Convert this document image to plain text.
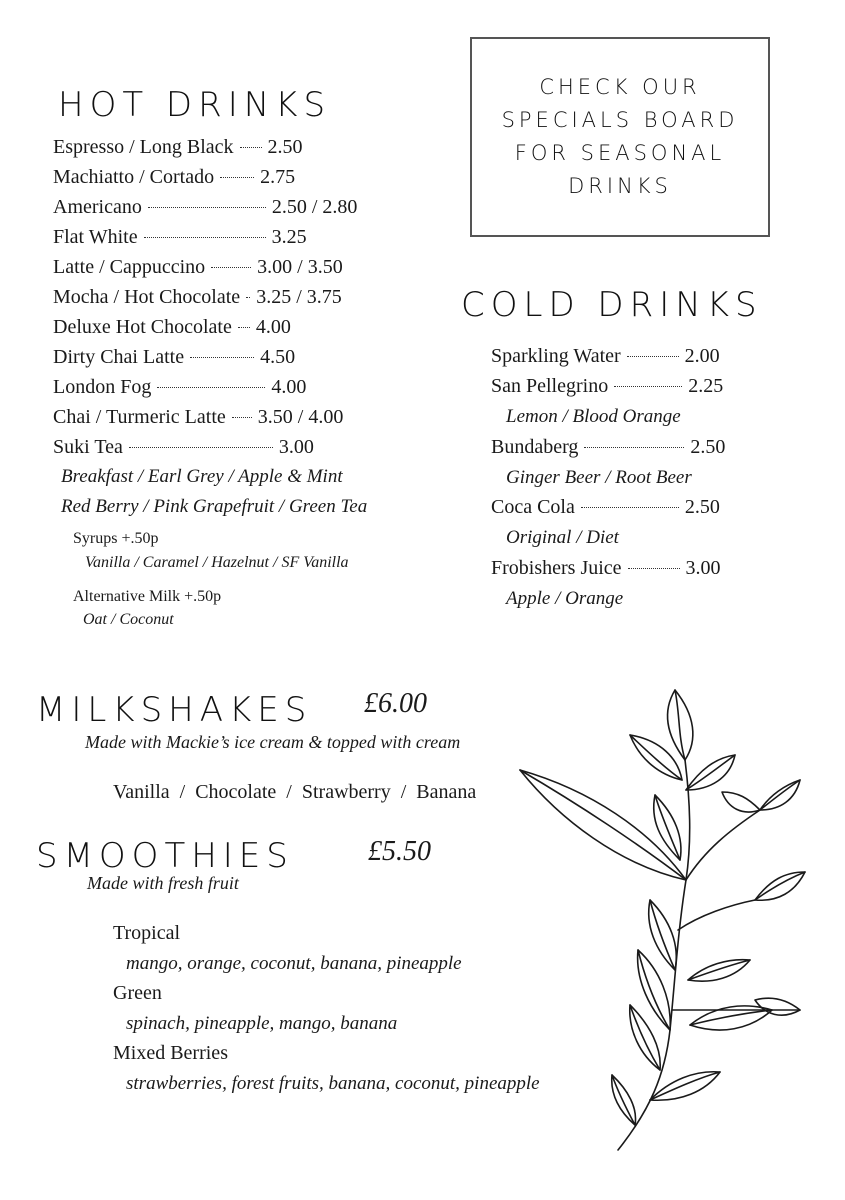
HOT DRINKS
Espresso / Long Black 2.50
Machiatto / Cortado 2.75
Americano	2.50 / 2.80
Flat White	3.25
Latte / Cappuccino	3.00 / 3.50
Mocha / Hot Chocolate 3.25 / 3.75
Deluxe Hot Chocolate 4.00
Dirty Chai Latte	4.50
London Fog	4.00
Chai / Turmeric Latte 3.50 / 4.00
Suki Tea	3.00
Breakfast / Earl Grey / Apple & Mint
Red Berry / Pink Grapefruit / Green Tea
Syrups +.50p
Vanilla / Caramel / Hazelnut / SF Vanilla
Alternative Milk +.50p
Oat / Coconut
CHECK OUR
SPECIALS BOARD
FOR SEASONAL
DRINKS
COLD DRINKS
Sparkling Water	2.00
San Pellegrino	2.25
Lemon / Blood Orange
Bundaberg	2.50
Ginger Beer / Root Beer
Coca Cola	2.50
Original / Diet
Frobishers Juice	3.00
Apple / Orange
MILKSHAKES £6.00
Made with Mackie’s ice cream & topped with cream
Vanilla  /  Chocolate  /  Strawberry  /  Banana
SMOOTHIES	£5.50
Made with fresh fruit
Tropical
mango, orange, coconut, banana, pineapple
Green
spinach, pineapple, mango, banana
Mixed Berries
strawberries, forest fruits, banana, coconut, pineapple
